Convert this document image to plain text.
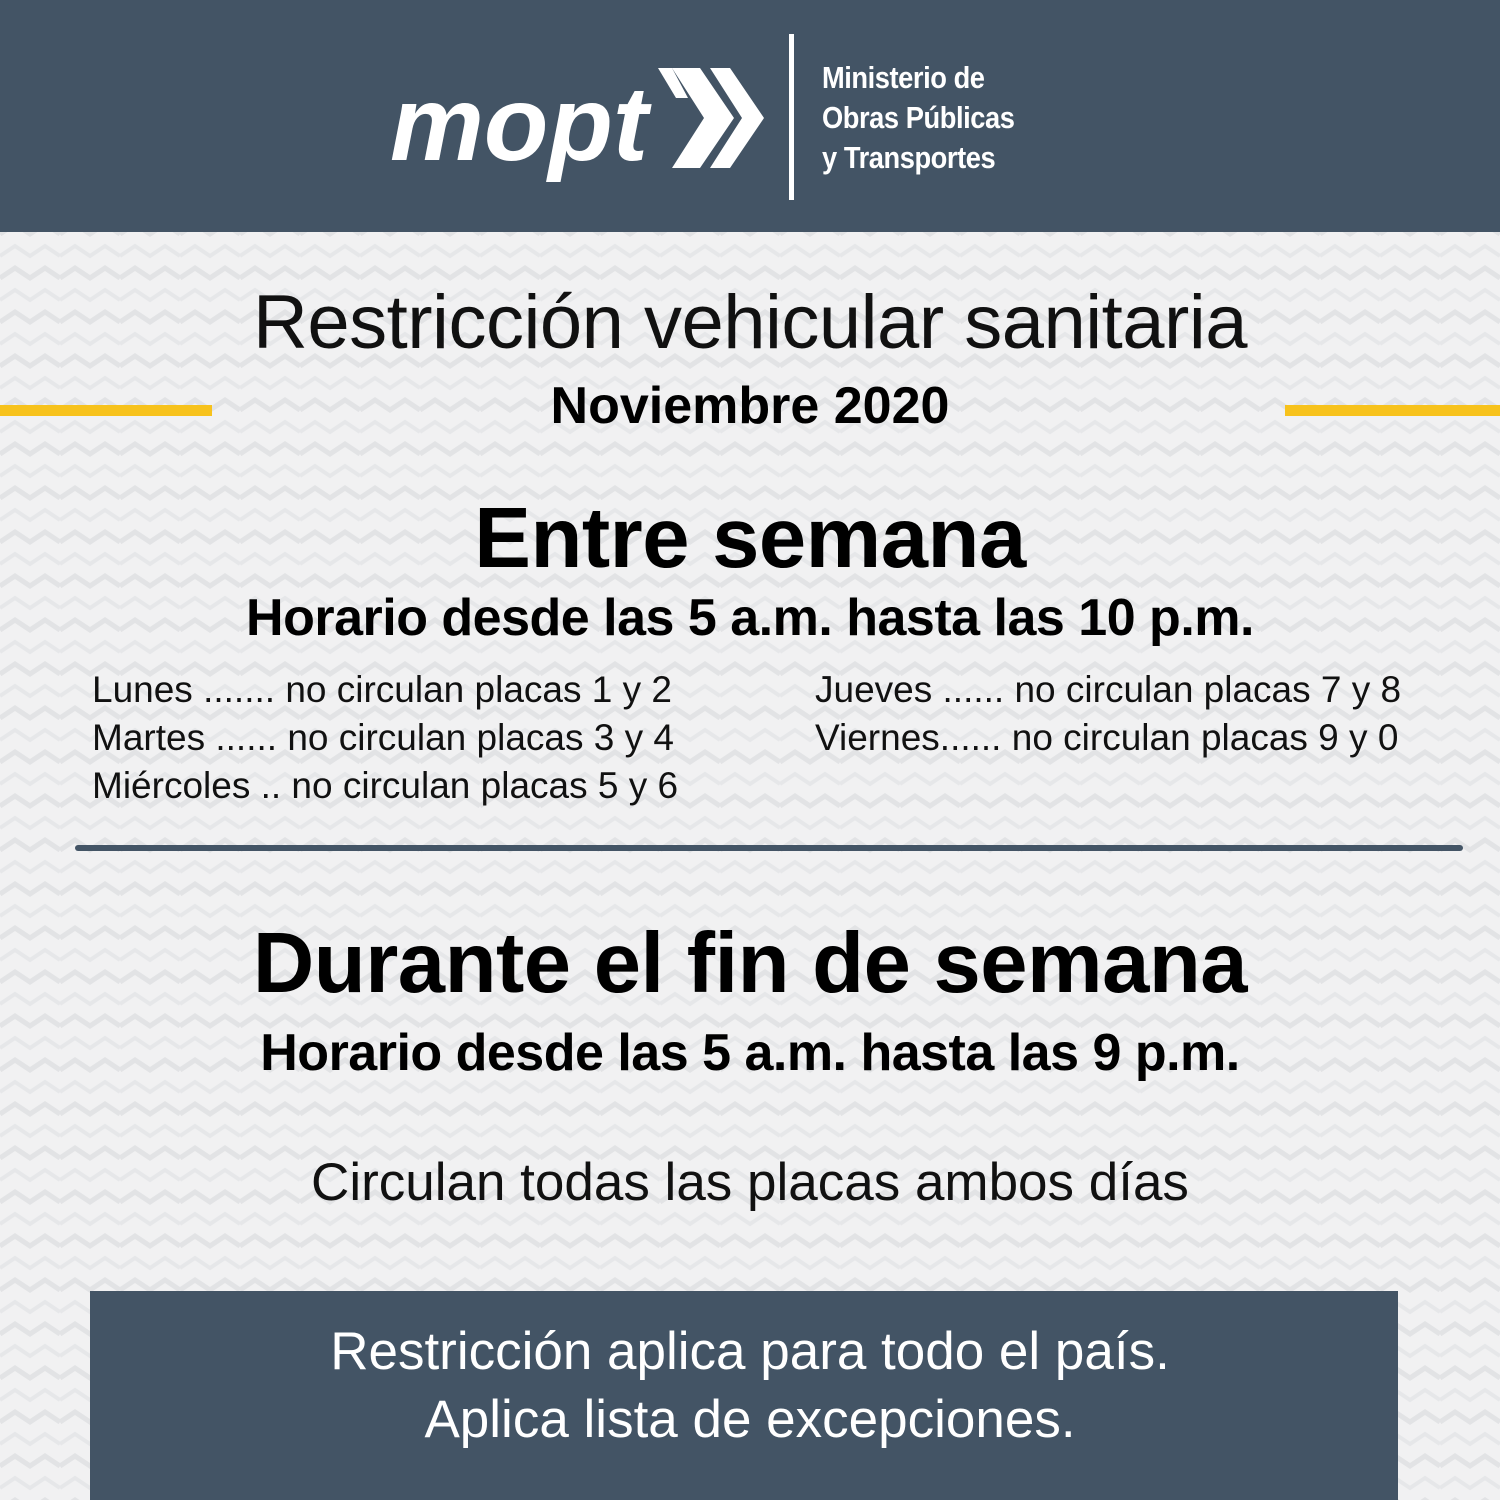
mopt	Ministerio de
Obras Públicas
y Transportes
Restricción vehicular sanitaria
Noviembre 2020
Entre semana
Horario desde las 5 a.m. hasta las 10 p.m.
Lunes ....... no circulan placas 1 y 2
Martes ...... no circulan placas 3 y 4
Miércoles .. no circulan placas 5 y 6
Jueves ...... no circulan placas 7 y 8
Viernes...... no circulan placas 9 y 0
Durante el fin de semana
Horario desde las 5 a.m. hasta las 9 p.m.
Circulan todas las placas ambos días
Restricción aplica para todo el país.
Aplica lista de excepciones.
